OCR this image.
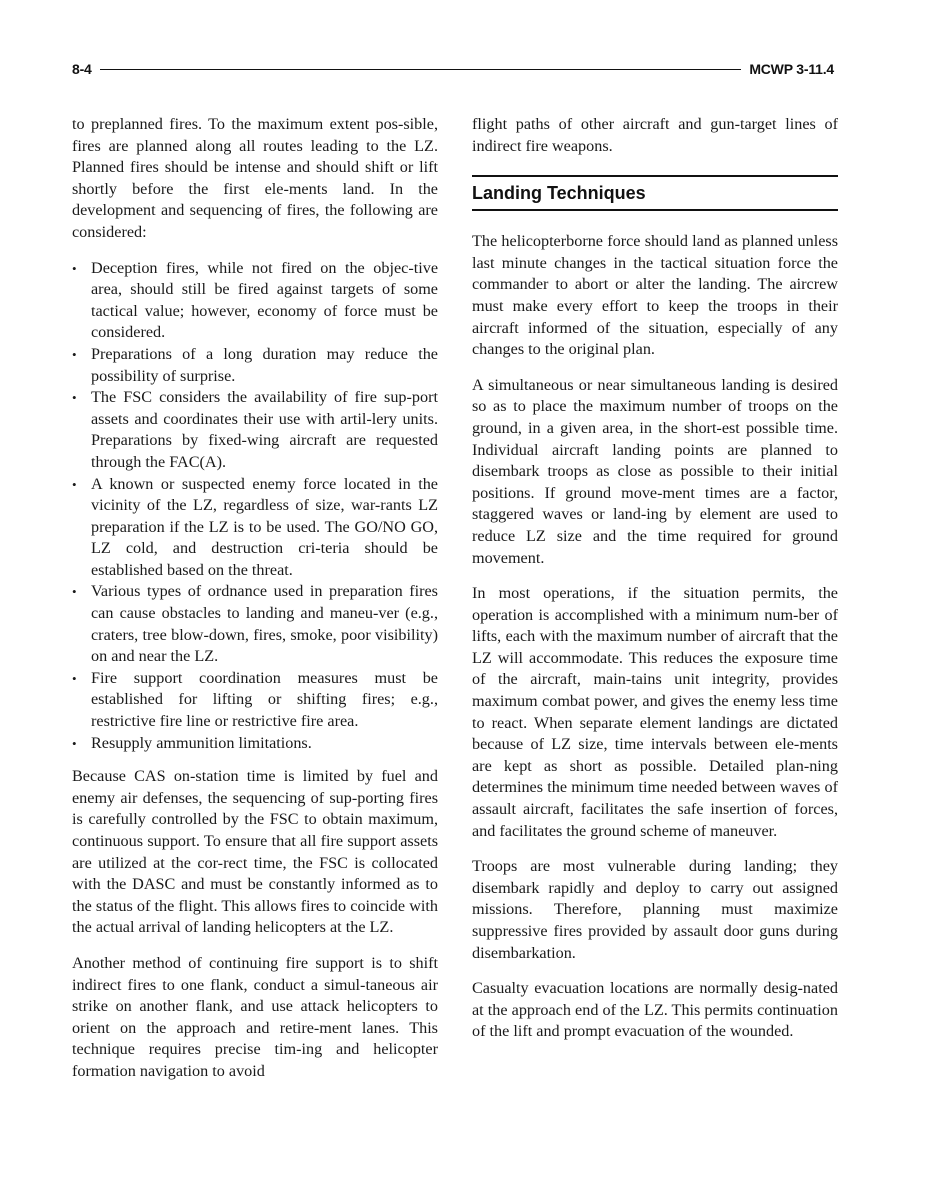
8-4	MCWP 3-11.4

to preplanned fires. To the maximum extent pos-sible, fires are planned along all routes leading to the LZ. Planned fires should be intense and should shift or lift shortly before the first ele-ments land. In the development and sequencing of fires, the following are considered:

• Deception fires, while not fired on the objec-tive area, should still be fired against targets of some tactical value; however, economy of force must be considered.
• Preparations of a long duration may reduce the possibility of surprise.
• The FSC considers the availability of fire sup-port assets and coordinates their use with artil-lery units. Preparations by fixed-wing aircraft are requested through the FAC(A).
• A known or suspected enemy force located in the vicinity of the LZ, regardless of size, war-rants LZ preparation if the LZ is to be used. The GO/NO GO, LZ cold, and destruction cri-teria should be established based on the threat.
• Various types of ordnance used in preparation fires can cause obstacles to landing and maneu-ver (e.g., craters, tree blow-down, fires, smoke, poor visibility) on and near the LZ.
• Fire support coordination measures must be established for lifting or shifting fires; e.g., restrictive fire line or restrictive fire area.
• Resupply ammunition limitations.

Because CAS on-station time is limited by fuel and enemy air defenses, the sequencing of sup-porting fires is carefully controlled by the FSC to obtain maximum, continuous support. To ensure that all fire support assets are utilized at the cor-rect time, the FSC is collocated with the DASC and must be constantly informed as to the status of the flight. This allows fires to coincide with the actual arrival of landing helicopters at the LZ.

Another method of continuing fire support is to shift indirect fires to one flank, conduct a simul-taneous air strike on another flank, and use attack helicopters to orient on the approach and retire-ment lanes. This technique requires precise tim-ing and helicopter formation navigation to avoid

flight paths of other aircraft and gun-target lines of indirect fire weapons.

Landing Techniques

The helicopterborne force should land as planned unless last minute changes in the tactical situation force the commander to abort or alter the landing. The aircrew must make every effort to keep the troops in their aircraft informed of the situation, especially of any changes to the original plan.

A simultaneous or near simultaneous landing is desired so as to place the maximum number of troops on the ground, in a given area, in the short-est possible time. Individual aircraft landing points are planned to disembark troops as close as possible to their initial positions. If ground move-ment times are a factor, staggered waves or land-ing by element are used to reduce LZ size and the time required for ground movement.

In most operations, if the situation permits, the operation is accomplished with a minimum num-ber of lifts, each with the maximum number of aircraft that the LZ will accommodate. This reduces the exposure time of the aircraft, main-tains unit integrity, provides maximum combat power, and gives the enemy less time to react. When separate element landings are dictated because of LZ size, time intervals between ele-ments are kept as short as possible. Detailed plan-ning determines the minimum time needed between waves of assault aircraft, facilitates the safe insertion of forces, and facilitates the ground scheme of maneuver.

Troops are most vulnerable during landing; they disembark rapidly and deploy to carry out assigned missions. Therefore, planning must maximize suppressive fires provided by assault door guns during disembarkation.

Casualty evacuation locations are normally desig-nated at the approach end of the LZ. This permits continuation of the lift and prompt evacuation of the wounded.
